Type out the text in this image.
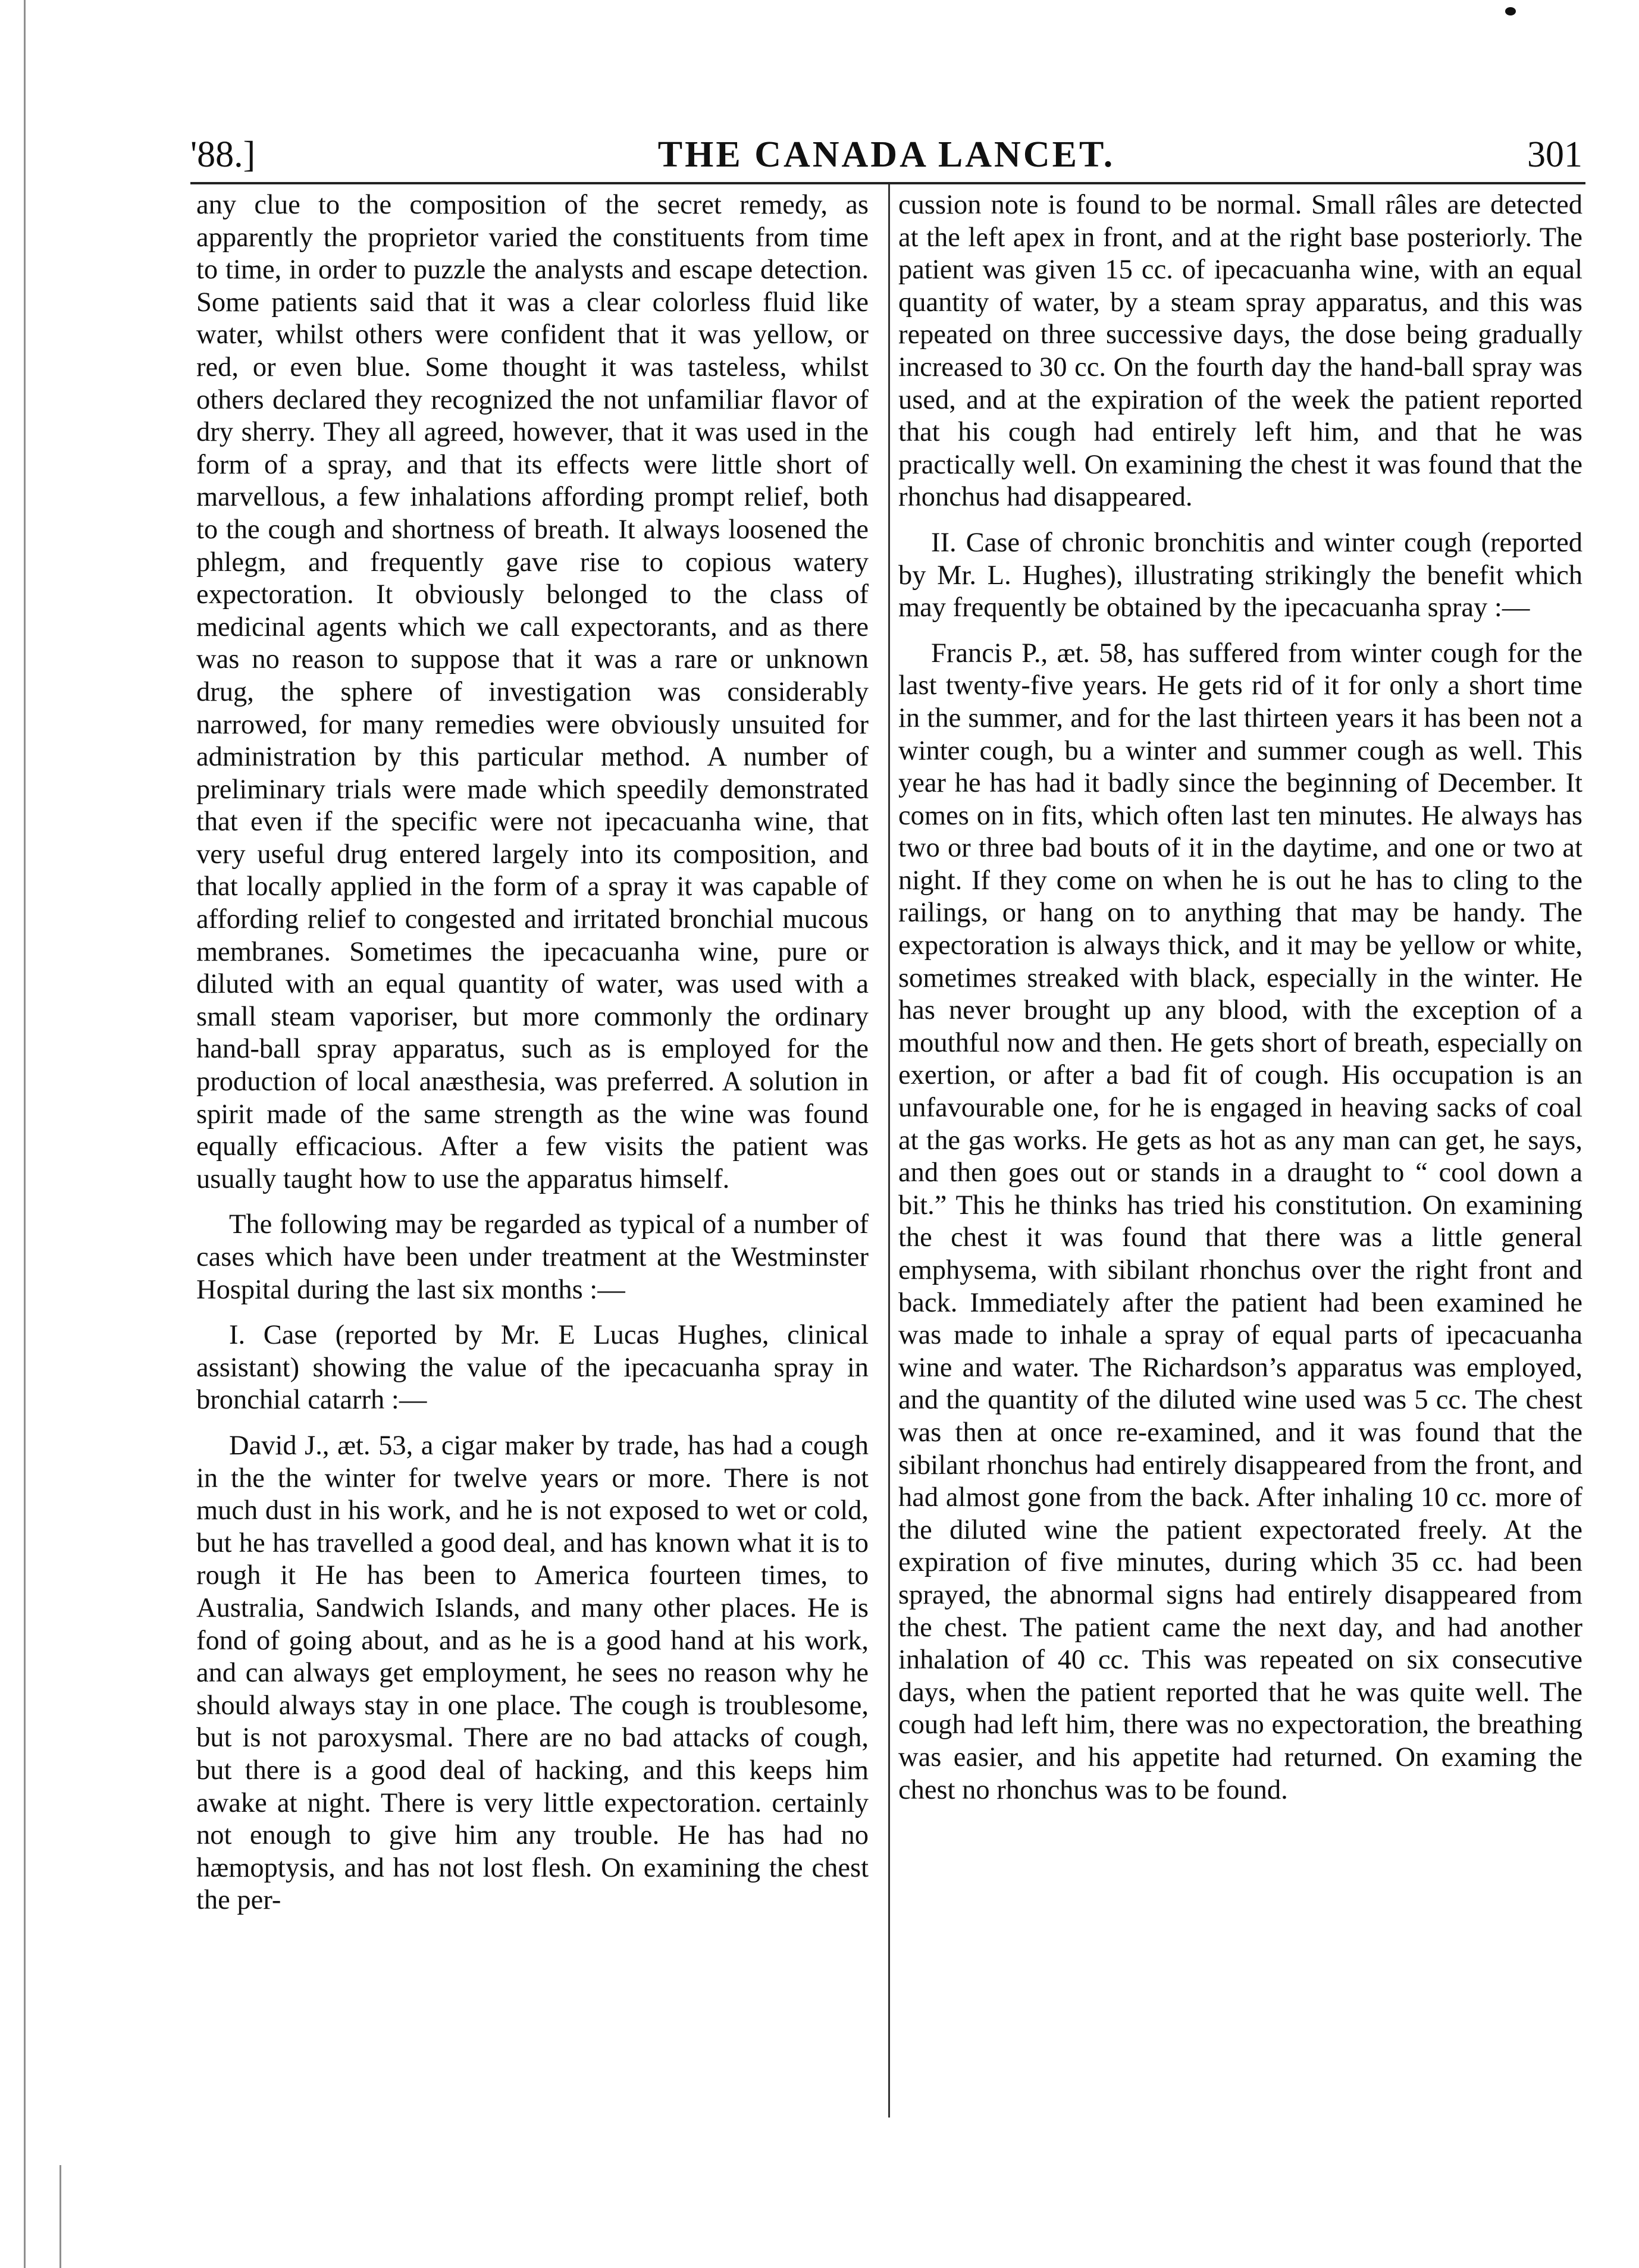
'88.]	THE CANADA LANCET.	301

any clue to the composition of the secret remedy, as apparently the proprietor varied the constituents from time to time, in order to puzzle the analysts and escape detection. Some patients said that it was a clear colorless fluid like water, whilst others were confident that it was yellow, or red, or even blue. Some thought it was tasteless, whilst others declared they recognized the not unfamiliar flavor of dry sherry. They all agreed, however, that it was used in the form of a spray, and that its effects were little short of marvellous, a few inhalations affording prompt relief, both to the cough and shortness of breath. It always loosened the phlegm, and frequently gave rise to copious watery expectoration. It obviously belonged to the class of medicinal agents which we call expectorants, and as there was no reason to suppose that it was a rare or unknown drug, the sphere of investigation was considerably narrowed, for many remedies were obviously unsuited for administration by this particular method. A number of preliminary trials were made which speedily demonstrated that even if the specific were not ipecacuanha wine, that very useful drug entered largely into its composition, and that locally applied in the form of a spray it was capable of affording relief to congested and irritated bronchial mucous membranes. Sometimes the ipecacuanha wine, pure or diluted with an equal quantity of water, was used with a small steam vaporiser, but more commonly the ordinary hand-ball spray apparatus, such as is employed for the production of local anæsthesia, was preferred. A solution in spirit made of the same strength as the wine was found equally efficacious. After a few visits the patient was usually taught how to use the apparatus himself.

The following may be regarded as typical of a number of cases which have been under treatment at the Westminster Hospital during the last six months :—

I. Case (reported by Mr. E Lucas Hughes, clinical assistant) showing the value of the ipecacuanha spray in bronchial catarrh :—

David J., æt. 53, a cigar maker by trade, has had a cough in the the winter for twelve years or more. There is not much dust in his work, and he is not exposed to wet or cold, but he has travelled a good deal, and has known what it is to rough it He has been to America fourteen times, to Australia, Sandwich Islands, and many other places. He is fond of going about, and as he is a good hand at his work, and can always get employment, he sees no reason why he should always stay in one place. The cough is troublesome, but is not paroxysmal. There are no bad attacks of cough, but there is a good deal of hacking, and this keeps him awake at night. There is very little expectoration. certainly not enough to give him any trouble. He has had no hæmoptysis, and has not lost flesh. On examining the chest the per-

cussion note is found to be normal. Small râles are detected at the left apex in front, and at the right base posteriorly. The patient was given 15 cc. of ipecacuanha wine, with an equal quantity of water, by a steam spray apparatus, and this was repeated on three successive days, the dose being gradually increased to 30 cc. On the fourth day the hand-ball spray was used, and at the expiration of the week the patient reported that his cough had entirely left him, and that he was practically well. On examining the chest it was found that the rhonchus had disappeared.

II. Case of chronic bronchitis and winter cough (reported by Mr. L. Hughes), illustrating strikingly the benefit which may frequently be obtained by the ipecacuanha spray :—

Francis P., æt. 58, has suffered from winter cough for the last twenty-five years. He gets rid of it for only a short time in the summer, and for the last thirteen years it has been not a winter cough, bu a winter and summer cough as well. This year he has had it badly since the beginning of December. It comes on in fits, which often last ten minutes. He always has two or three bad bouts of it in the daytime, and one or two at night. If they come on when he is out he has to cling to the railings, or hang on to anything that may be handy. The expectoration is always thick, and it may be yellow or white, sometimes streaked with black, especially in the winter. He has never brought up any blood, with the exception of a mouthful now and then. He gets short of breath, especially on exertion, or after a bad fit of cough. His occupation is an unfavourable one, for he is engaged in heaving sacks of coal at the gas works. He gets as hot as any man can get, he says, and then goes out or stands in a draught to “ cool down a bit.” This he thinks has tried his constitution. On examining the chest it was found that there was a little general emphysema, with sibilant rhonchus over the right front and back. Immediately after the patient had been examined he was made to inhale a spray of equal parts of ipecacuanha wine and water. The Richardson’s apparatus was employed, and the quantity of the diluted wine used was 5 cc. The chest was then at once re-examined, and it was found that the sibilant rhonchus had entirely disappeared from the front, and had almost gone from the back. After inhaling 10 cc. more of the diluted wine the patient expectorated freely. At the expiration of five minutes, during which 35 cc. had been sprayed, the abnormal signs had entirely disappeared from the chest. The patient came the next day, and had another inhalation of 40 cc. This was repeated on six consecutive days, when the patient reported that he was quite well. The cough had left him, there was no expectoration, the breathing was easier, and his appetite had returned. On examing the chest no rhonchus was to be found.
